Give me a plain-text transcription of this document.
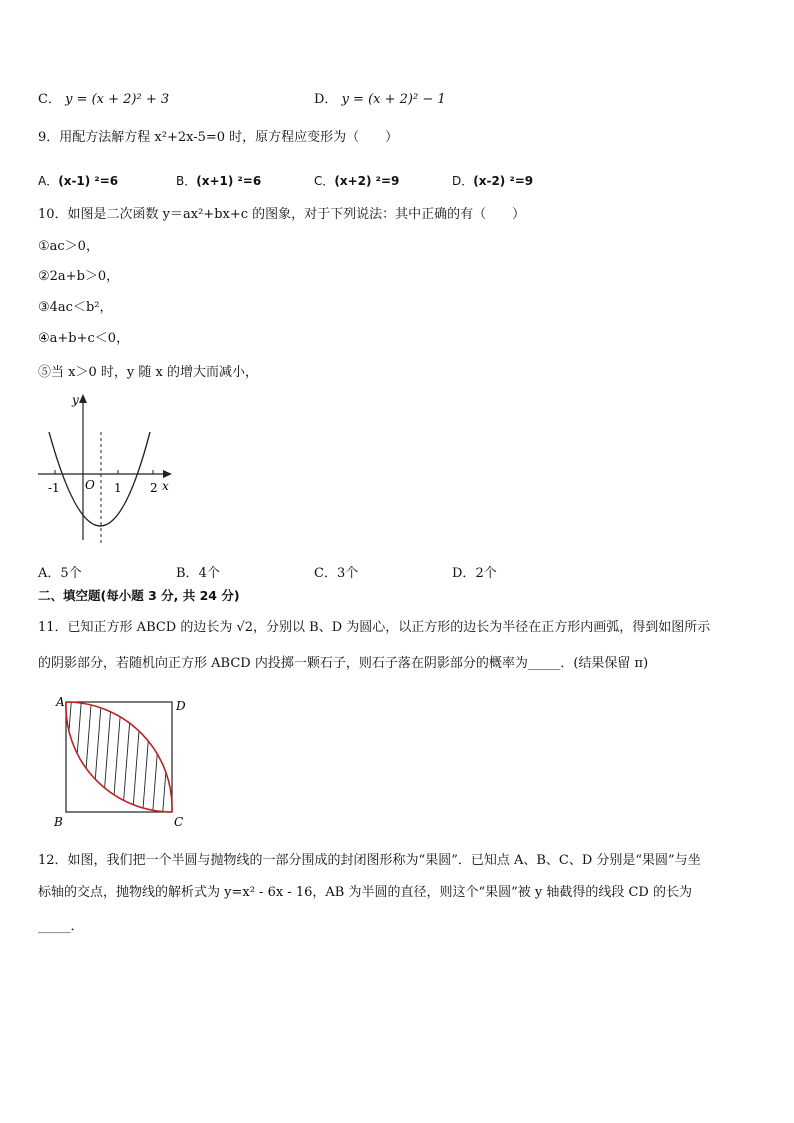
C． y = (x + 2)² + 3	D． y = (x + 2)² − 1
9．用配方法解方程 x²+2x-5=0 时，原方程应变形为（　　）
A．(x-1) ²=6	B．(x+1) ²=6	C．(x+2) ²=9	D．(x-2) ²=9
10．如图是二次函数 y＝ax²+bx+c 的图象，对于下列说法：其中正确的有（　　）
①ac＞0，
②2a+b＞0，
③4ac＜b²，
④a+b+c＜0，
⑤当 x＞0 时，y 随 x 的增大而减小，
y
x
O
-1	1 2
A．5个	B．4个	C．3个	D．2个
二、填空题(每小题 3 分, 共 24 分)
11．已知正方形 ABCD 的边长为 √2，分别以 B、D 为圆心，以正方形的边长为半径在正方形内画弧，得到如图所示
的阴影部分，若随机向正方形 ABCD 内投掷一颗石子，则石子落在阴影部分的概率为_____．(结果保留 π)
A	D
B	C
12．如图，我们把一个半圆与抛物线的一部分围成的封闭图形称为“果圆”．已知点 A、B、C、D 分别是“果圆”与坐
标轴的交点，抛物线的解析式为 y=x² - 6x - 16，AB 为半圆的直径，则这个“果圆”被 y 轴截得的线段 CD 的长为
_____．
